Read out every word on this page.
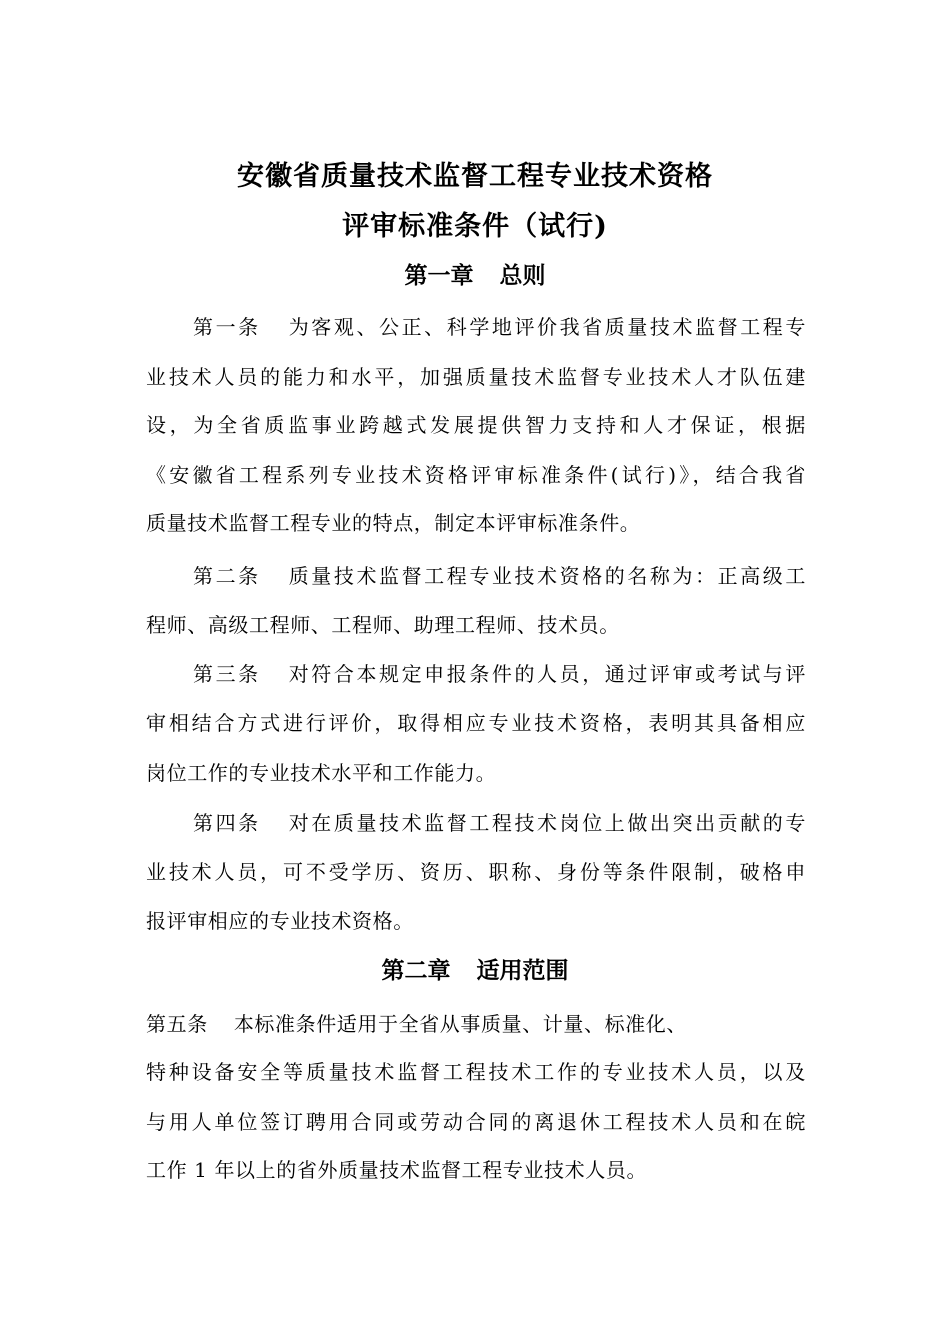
安徽省质量技术监督工程专业技术资格
评审标准条件（试行)
第一章 总则
第一条 为客观、公正、科学地评价我省质量技术监督工程专
业技术人员的能力和水平，加强质量技术监督专业技术人才队伍建
设，为全省质监事业跨越式发展提供智力支持和人才保证，根据
《安徽省工程系列专业技术资格评审标准条件(试行)》，结合我省
质量技术监督工程专业的特点，制定本评审标准条件。
第二条 质量技术监督工程专业技术资格的名称为：正高级工
程师、高级工程师、工程师、助理工程师、技术员。
第三条 对符合本规定申报条件的人员，通过评审或考试与评
审相结合方式进行评价，取得相应专业技术资格，表明其具备相应
岗位工作的专业技术水平和工作能力。
第四条 对在质量技术监督工程技术岗位上做出突出贡献的专
业技术人员，可不受学历、资历、职称、身份等条件限制，破格申
报评审相应的专业技术资格。
第二章 适用范围
第五条 本标准条件适用于全省从事质量、计量、标准化、
特种设备安全等质量技术监督工程技术工作的专业技术人员，以及
与用人单位签订聘用合同或劳动合同的离退休工程技术人员和在皖
工作 1 年以上的省外质量技术监督工程专业技术人员。
